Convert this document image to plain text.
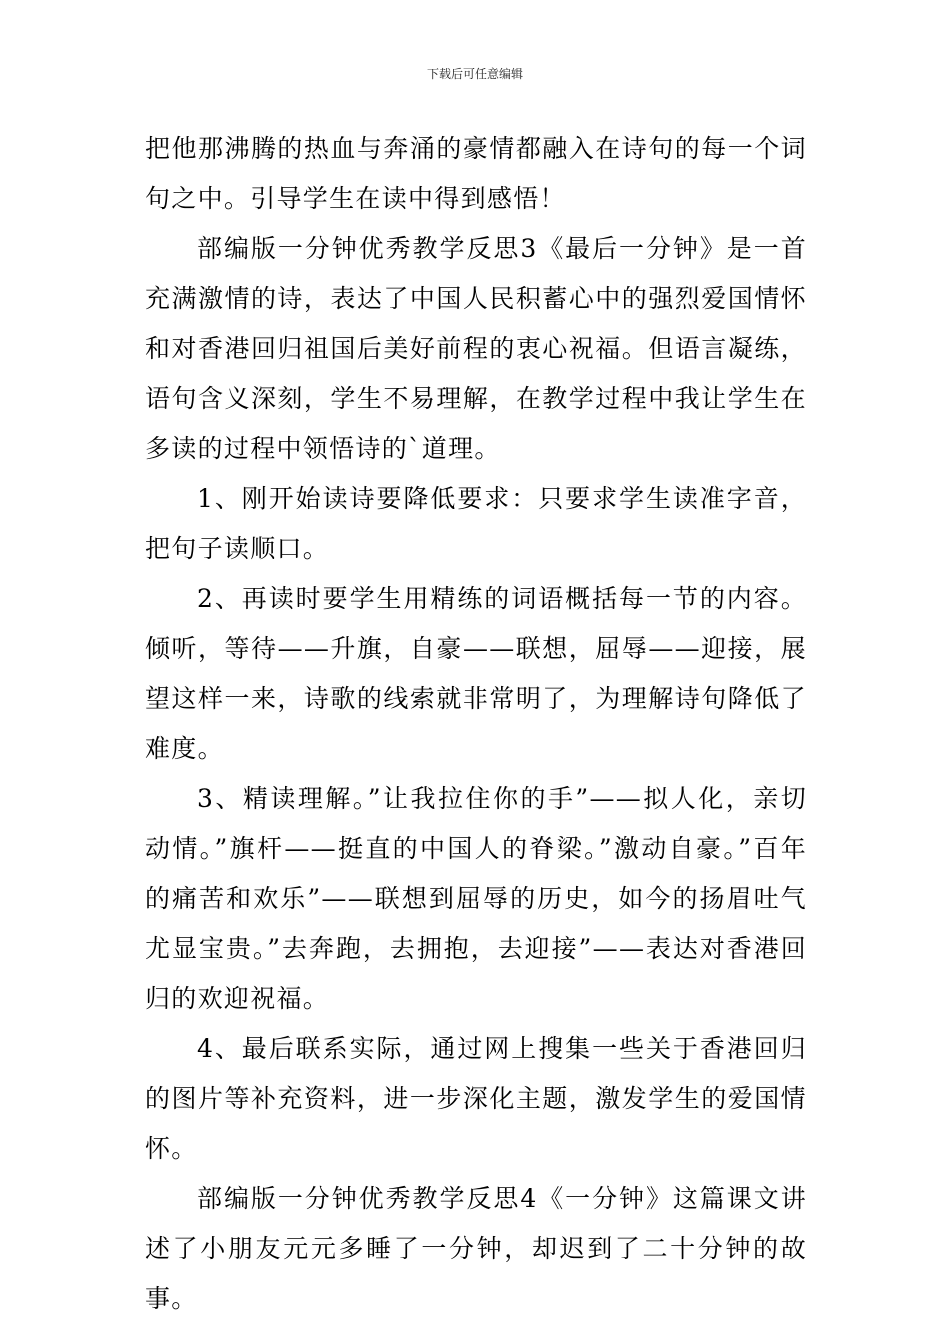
下载后可任意编辑

把他那沸腾的热血与奔涌的豪情都融入在诗句的每一个词句之中。引导学生在读中得到感悟！

部编版一分钟优秀教学反思3《最后一分钟》是一首充满激情的诗，表达了中国人民积蓄心中的强烈爱国情怀和对香港回归祖国后美好前程的衷心祝福。但语言凝练，语句含义深刻，学生不易理解，在教学过程中我让学生在多读的过程中领悟诗的`道理。

1、刚开始读诗要降低要求：只要求学生读准字音，把句子读顺口。

2、再读时要学生用精练的词语概括每一节的内容。倾听，等待——升旗，自豪——联想，屈辱——迎接，展望这样一来，诗歌的线索就非常明了，为理解诗句降低了难度。

3、精读理解。”让我拉住你的手”——拟人化，亲切动情。”旗杆——挺直的中国人的脊梁。”激动自豪。”百年的痛苦和欢乐”——联想到屈辱的历史，如今的扬眉吐气尤显宝贵。”去奔跑，去拥抱，去迎接”——表达对香港回归的欢迎祝福。

4、最后联系实际，通过网上搜集一些关于香港回归的图片等补充资料，进一步深化主题，激发学生的爱国情怀。

部编版一分钟优秀教学反思4《一分钟》这篇课文讲述了小朋友元元多睡了一分钟，却迟到了二十分钟的故事。
